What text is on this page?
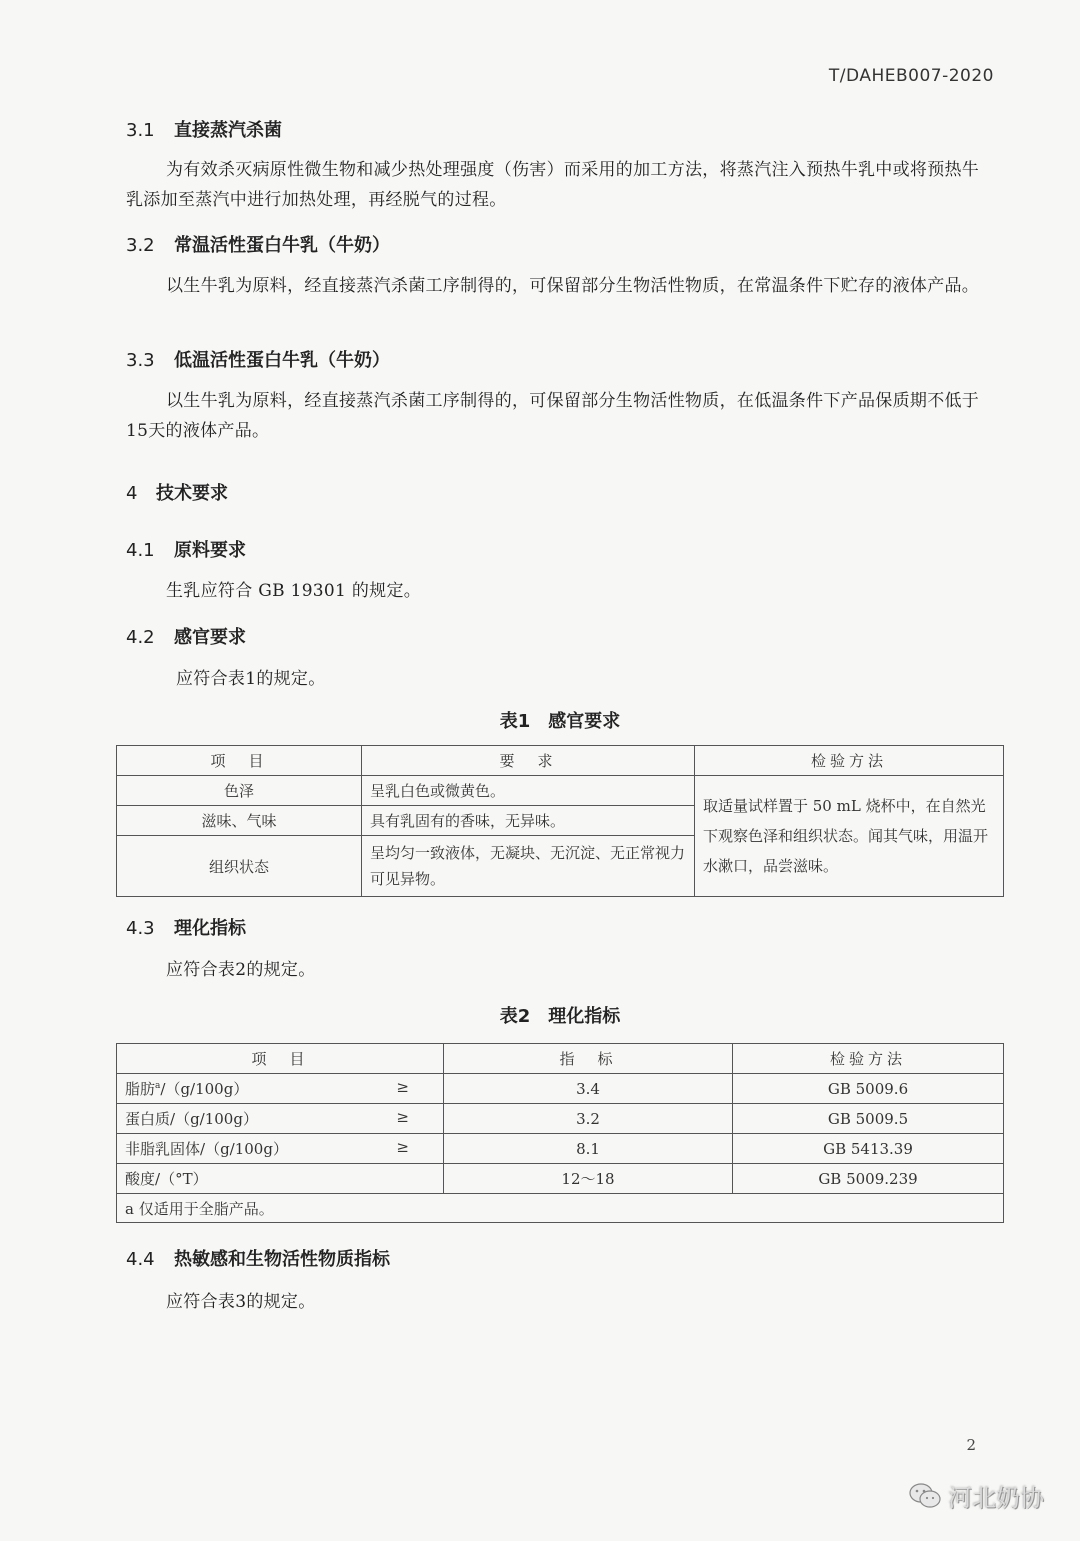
T/DAHEB007-2020
3.1 直接蒸汽杀菌
为有效杀灭病原性微生物和减少热处理强度（伤害）而采用的加工方法，将蒸汽注入预热牛乳中或将预热牛乳添加至蒸汽中进行加热处理，再经脱气的过程。
3.2 常温活性蛋白牛乳（牛奶）
以生牛乳为原料，经直接蒸汽杀菌工序制得的，可保留部分生物活性物质，在常温条件下贮存的液体产品。
3.3 低温活性蛋白牛乳（牛奶）
以生牛乳为原料，经直接蒸汽杀菌工序制得的，可保留部分生物活性物质，在低温条件下产品保质期不低于15天的液体产品。
4 技术要求
4.1 原料要求
生乳应符合 GB 19301 的规定。
4.2 感官要求
应符合表1的规定。
表1　感官要求
项　目	要　求	检验方法
色泽	呈乳白色或微黄色。	取适量试样置于 50 mL 烧杯中，在自然光下观察色泽和组织状态。闻其气味，用温开水漱口，品尝滋味。
滋味、气味	具有乳固有的香味，无异味。	
组织状态	呈均匀一致液体，无凝块、无沉淀、无正常视力可见异物。	
4.3 理化指标
应符合表2的规定。
表2　理化指标
项　目	指　标	检验方法
脂肪$^a$/（g/100g） ≥	3.4	GB 5009.6
蛋白质/（g/100g） ≥	3.2	GB 5009.5
非脂乳固体/（g/100g） ≥	8.1	GB 5413.39
酸度/（°T）	12～18	GB 5009.239
a 仅适用于全脂产品。		
4.4 热敏感和生物活性物质指标
应符合表3的规定。
2
河北奶协
